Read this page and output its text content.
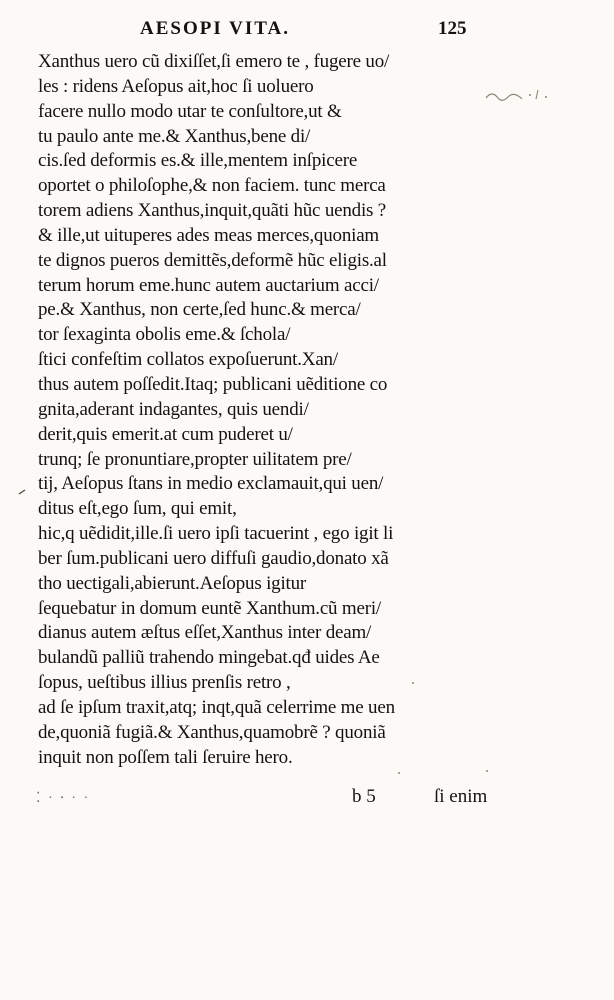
AESOPI VITA.	125
Xanthus uero cũ dixiſſet,ſi emero te , fugere uo/
les : ridens Aeſopus ait,hoc ſi uoluero
facere nullo modo utar te conſultore,ut &
tu paulo ante me.& Xanthus,bene di/
cis.ſed deformis es.& ille,mentem inſpicere
oportet o philoſophe,& non faciem. tunc merca
torem adiens Xanthus,inquit,quãti hũc uendis ?
& ille,ut uituperes ades meas merces,quoniam
te dignos pueros demittẽs,deformẽ hũc eligis.al
terum horum eme.hunc autem auctarium acci/
pe.& Xanthus, non certe,ſed hunc.& merca/
tor ſexaginta obolis eme.& ſchola/
ſtici confeſtim collatos expoſuerunt.Xan/
thus autem poſſedit.Itaq; publicani uẽditione co
gnita,aderant indagantes, quis uendi/
derit,quis emerit.at cum puderet u/
trunq; ſe pronuntiare,propter uilitatem pre/
tij, Aeſopus ſtans in medio exclamauit,qui uen/
ditus eſt,ego ſum, qui emit,
hic,q uẽdidit,ille.ſi uero ipſi tacuerint , ego igit li
ber ſum.publicani uero diffuſi gaudio,donato xã
tho uectigali,abierunt.Aeſopus igitur
ſequebatur in domum euntẽ Xanthum.cũ meri/
dianus autem æſtus eſſet,Xanthus inter deam/
bulandũ palliũ trahendo mingebat.qđ uides Ae
ſopus, ueſtibus illius prenſis retro ,
ad ſe ipſum traxit,atq; inqt,quã celerrime me uen
de,quoniã fugiã.& Xanthus,quamobrẽ ? quoniã
inquit non poſſem tali ſeruire hero.
⁚ · ⸱ · ·	b 5	ſi enim
